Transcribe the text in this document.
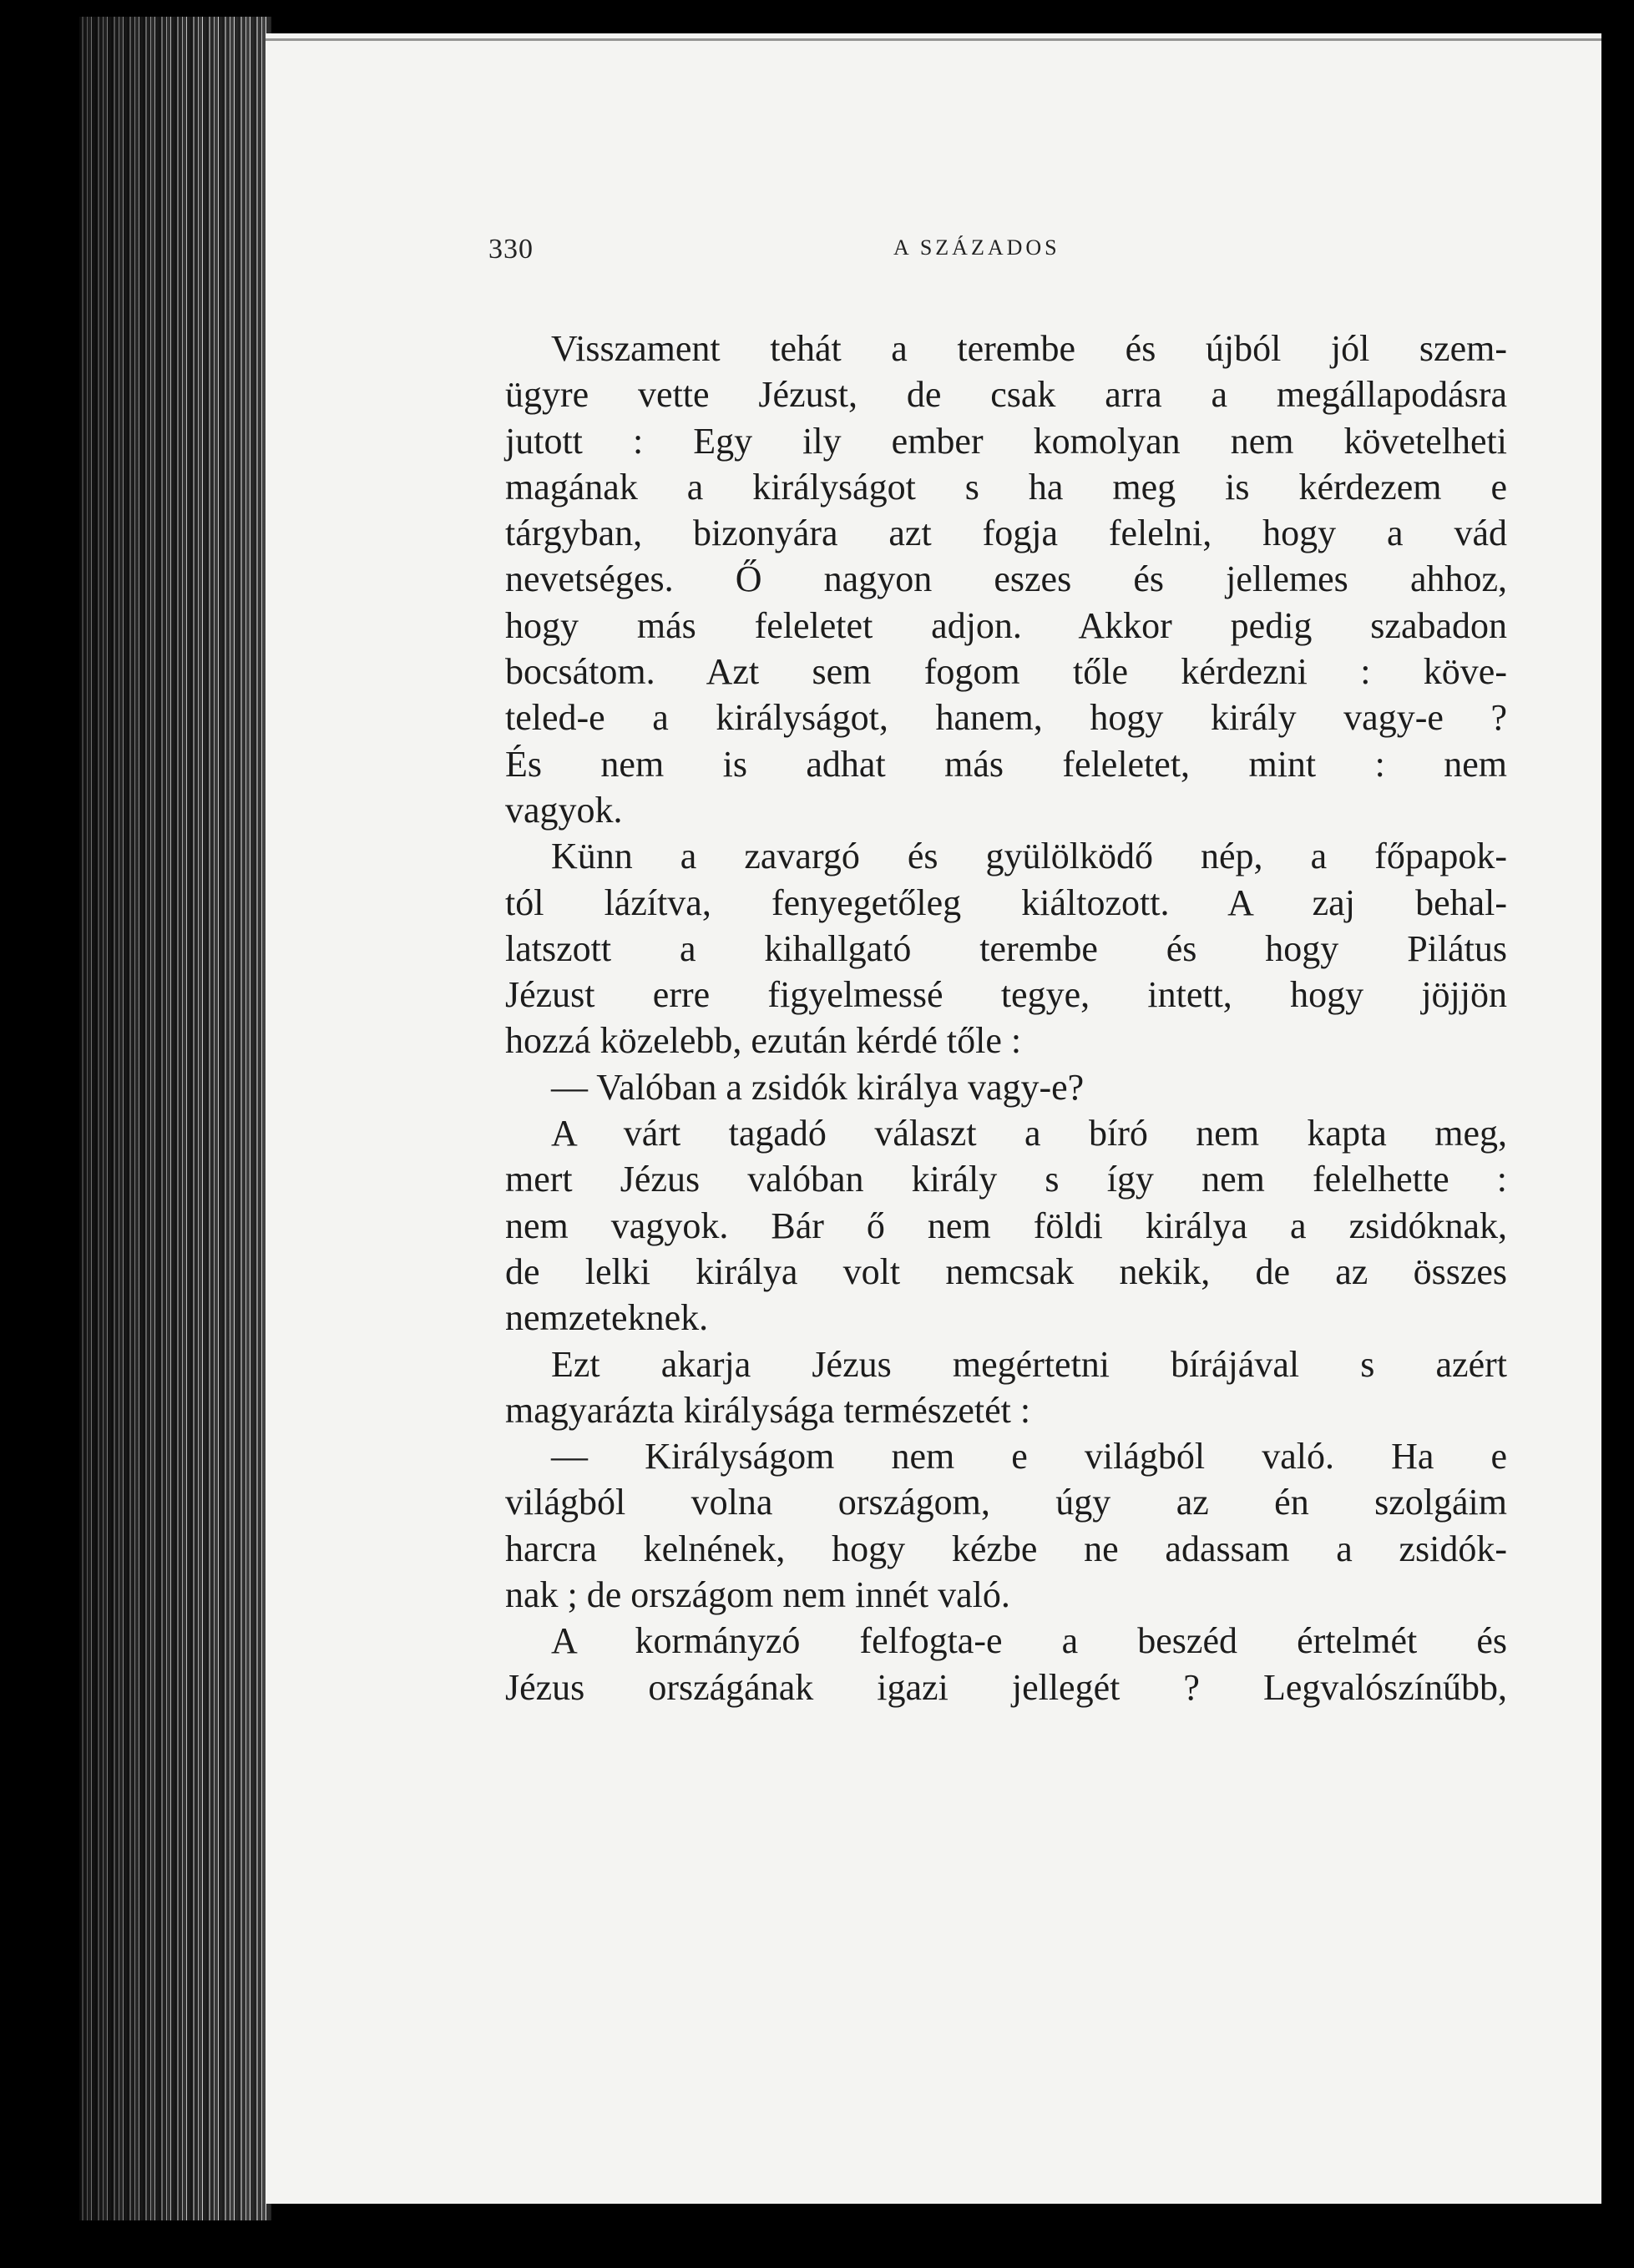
330	A SZÁZADOS
Visszament tehát a terembe és újból jól szem-
ügyre vette Jézust, de csak arra a megállapodásra
jutott : Egy ily ember komolyan nem követelheti
magának a királyságot s ha meg is kérdezem e
tárgyban, bizonyára azt fogja felelni, hogy a vád
nevetséges. Ő nagyon eszes és jellemes ahhoz,
hogy más feleletet adjon. Akkor pedig szabadon
bocsátom. Azt sem fogom tőle kérdezni : köve-
teled-e a királyságot, hanem, hogy király vagy-e ?
És nem is adhat más feleletet, mint : nem
vagyok.
Künn a zavargó és gyülölködő nép, a főpapok-
tól lázítva, fenyegetőleg kiáltozott. A zaj behal-
latszott a kihallgató terembe és hogy Pilátus
Jézust erre figyelmessé tegye, intett, hogy jöjjön
hozzá közelebb, ezután kérdé tőle :
— Valóban a zsidók királya vagy-e?
A várt tagadó választ a bíró nem kapta meg,
mert Jézus valóban király s így nem felelhette :
nem vagyok. Bár ő nem földi királya a zsidóknak,
de lelki királya volt nemcsak nekik, de az összes
nemzeteknek.
Ezt akarja Jézus megértetni bírájával s azért
magyarázta királysága természetét :
— Királyságom nem e világból való. Ha e
világból volna országom, úgy az én szolgáim
harcra kelnének, hogy kézbe ne adassam a zsidók-
nak ; de országom nem innét való.
A kormányzó felfogta-e a beszéd értelmét és
Jézus országának igazi jellegét ? Legvalószínűbb,
